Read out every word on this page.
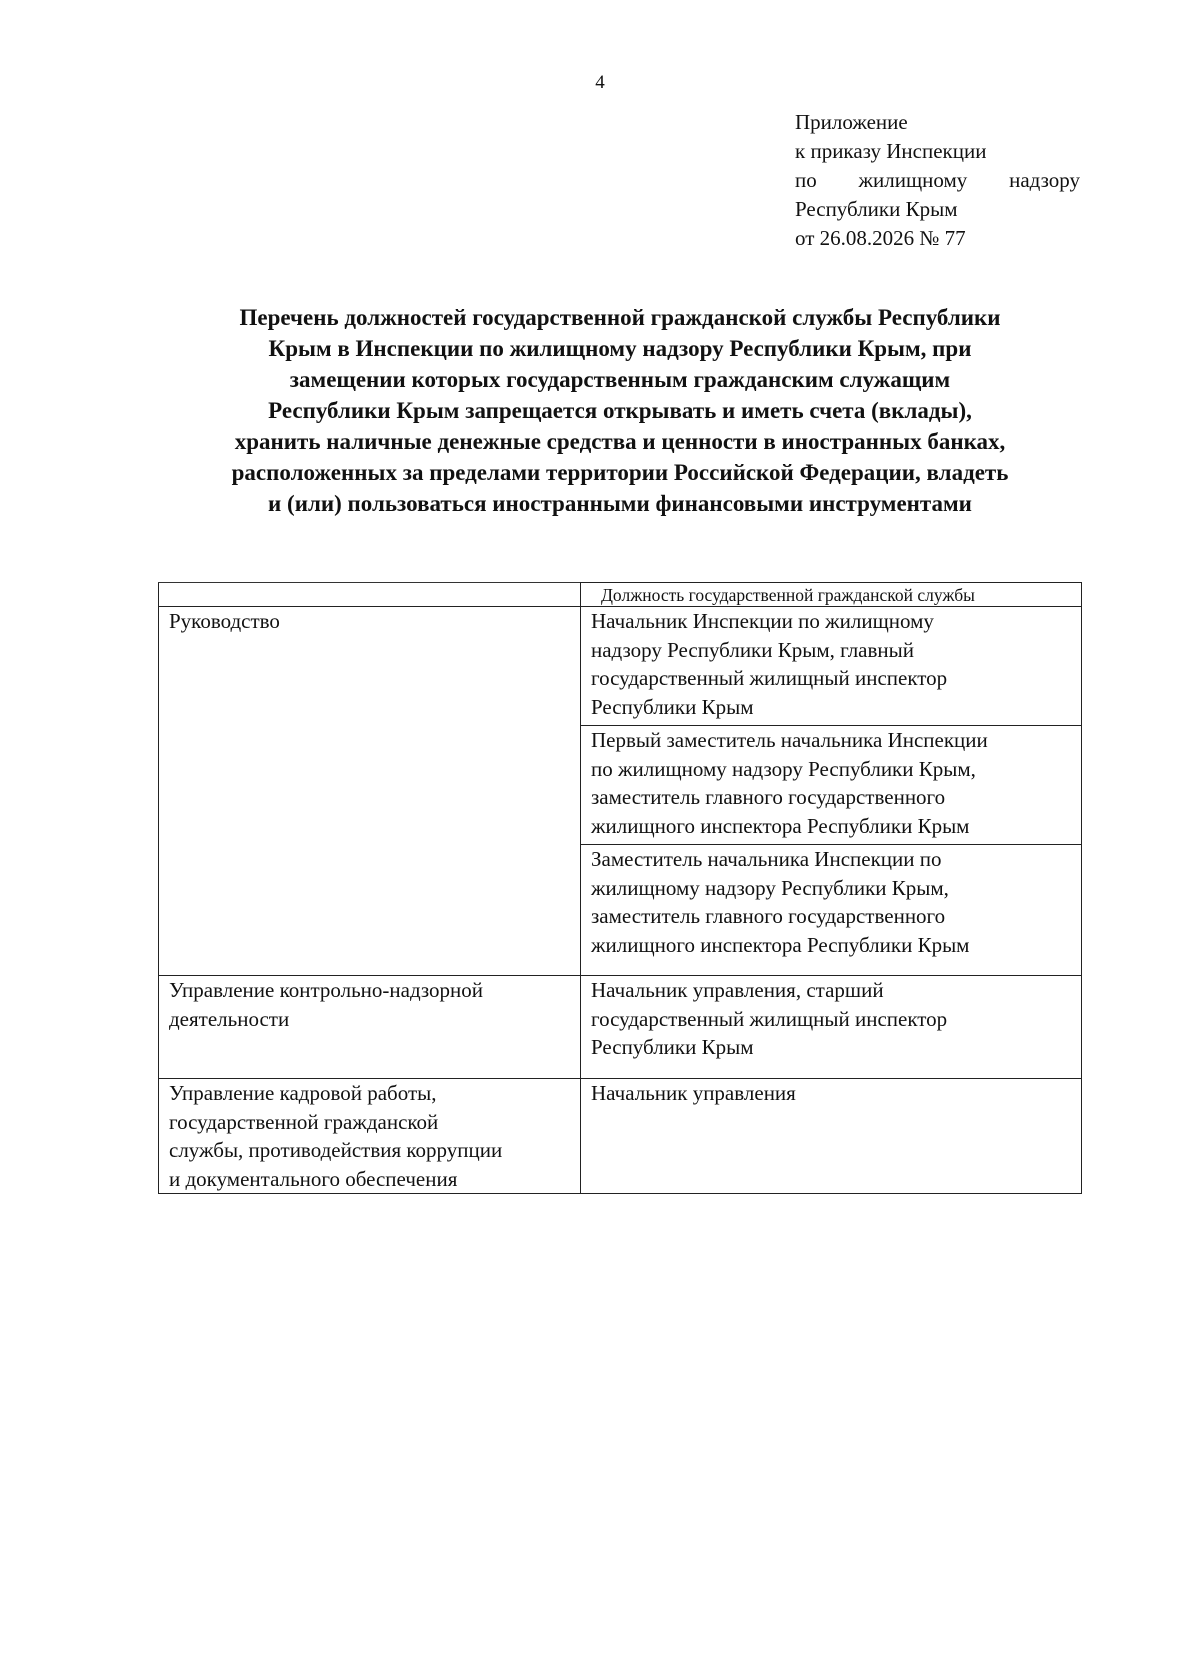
4
Приложение
к приказу Инспекции
по жилищному надзору
Республики Крым
от 26.08.2026 № 77
Перечень должностей государственной гражданской службы Республики
Крым в Инспекции по жилищному надзору Республики Крым, при
замещении которых государственным гражданским служащим
Республики Крым запрещается открывать и иметь счета (вклады),
хранить наличные денежные средства и ценности в иностранных банках,
расположенных за пределами территории Российской Федерации, владеть
и (или) пользоваться иностранными финансовыми инструментами
	Должность государственной гражданской службы

Руководство	Начальник Инспекции по жилищному
надзору Республики Крым, главный
государственный жилищный инспектор
Республики Крым

	Первый заместитель начальника Инспекции
по жилищному надзору Республики Крым,
заместитель главного государственного
жилищного инспектора Республики Крым

	Заместитель начальника Инспекции по
жилищному надзору Республики Крым,
заместитель главного государственного
жилищного инспектора Республики Крым

Управление контрольно-надзорной
деятельности	Начальник управления, старший
государственный жилищный инспектор
Республики Крым

Управление кадровой работы,
государственной гражданской
службы, противодействия коррупции
и документального обеспечения	Начальник управления
